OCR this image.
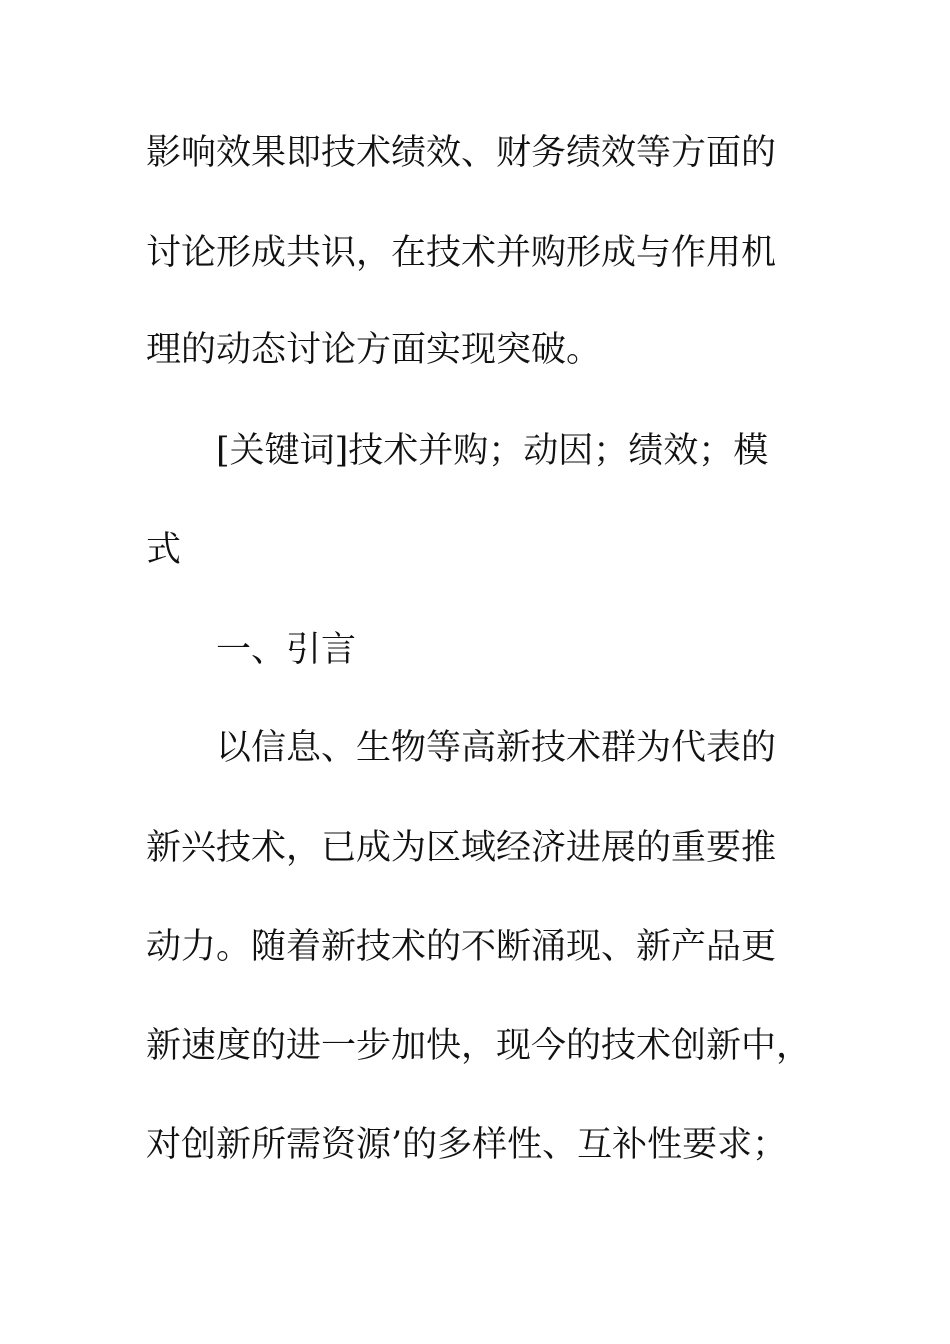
影响效果即技术绩效、财务绩效等方面的
讨论形成共识，在技术并购形成与作用机
理的动态讨论方面实现突破。
[关键词]技术并购；动因；绩效；模
式
一、引言
以信息、生物等高新技术群为代表的
新兴技术，已成为区域经济进展的重要推
动力。随着新技术的不断涌现、新产品更
新速度的进一步加快，现今的技术创新中，
对创新所需资源’的多样性、互补性要求；
